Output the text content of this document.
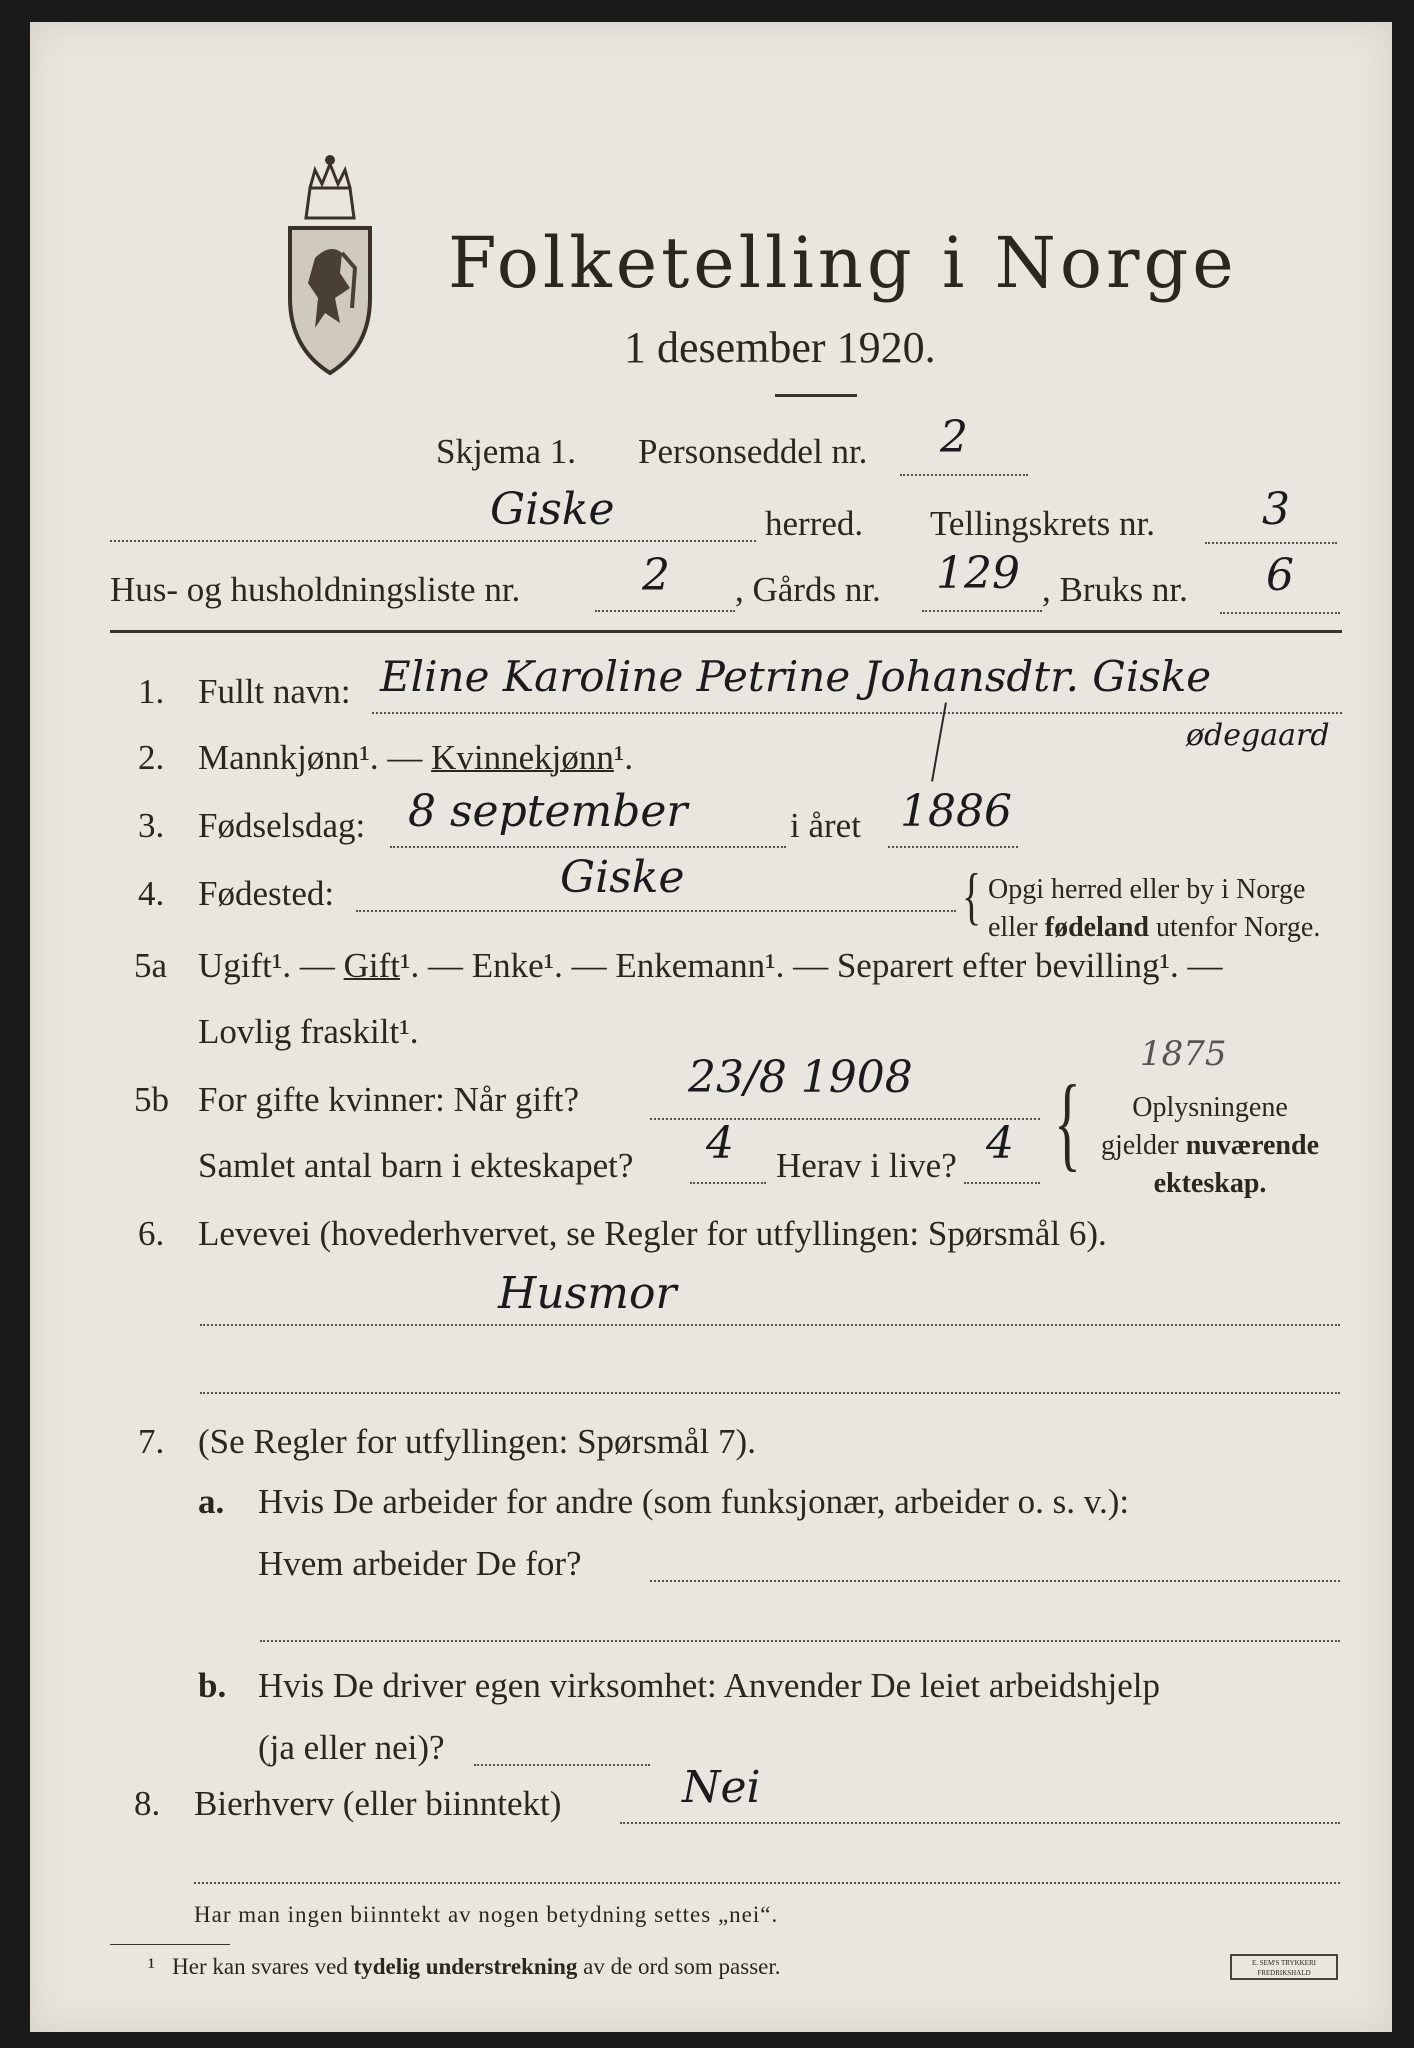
Folketelling i Norge
1 desember 1920.
Skjema 1. Personseddel nr. 2
Giske	herred. Tellingskrets nr. 3
Hus- og husholdningsliste nr.	2 , Gårds nr. 129 , Bruks nr. 6
1. Fullt navn: Eline Karoline Petrine Johansdtr. Giske
ødegaard
2. Mannkjønn¹. — Kvinnekjønn¹.
3. Fødselsdag: 8 september	i året 1886
4. Fødested:	Giske	{ Opgi herred eller by i Norge
eller fødeland utenfor Norge.
5a Ugift¹. — Gift¹. — Enke¹. — Enkemann¹. — Separert efter bevilling¹. —
Lovlig fraskilt¹.
1875
5b For gifte kvinner: Når gift? 23/8 1908
Samlet antal barn i ekteskapet? 4 Herav i live? 4 {	Oplysningene
gjelder nuværende
ekteskap.
6. Levevei (hovederhvervet, se Regler for utfyllingen: Spørsmål 6).
Husmor
7. (Se Regler for utfyllingen: Spørsmål 7).
a. Hvis De arbeider for andre (som funksjonær, arbeider o. s. v.):
Hvem arbeider De for?
b. Hvis De driver egen virksomhet: Anvender De leiet arbeidshjelp
(ja eller nei)?
8. Bierhverv (eller biinntekt)	Nei
Har man ingen biinntekt av nogen betydning settes „nei“.
¹ Her kan svares ved tydelig understrekning av de ord som passer.	E. SEM'S TRYKKERI FREDRIKSHALD
